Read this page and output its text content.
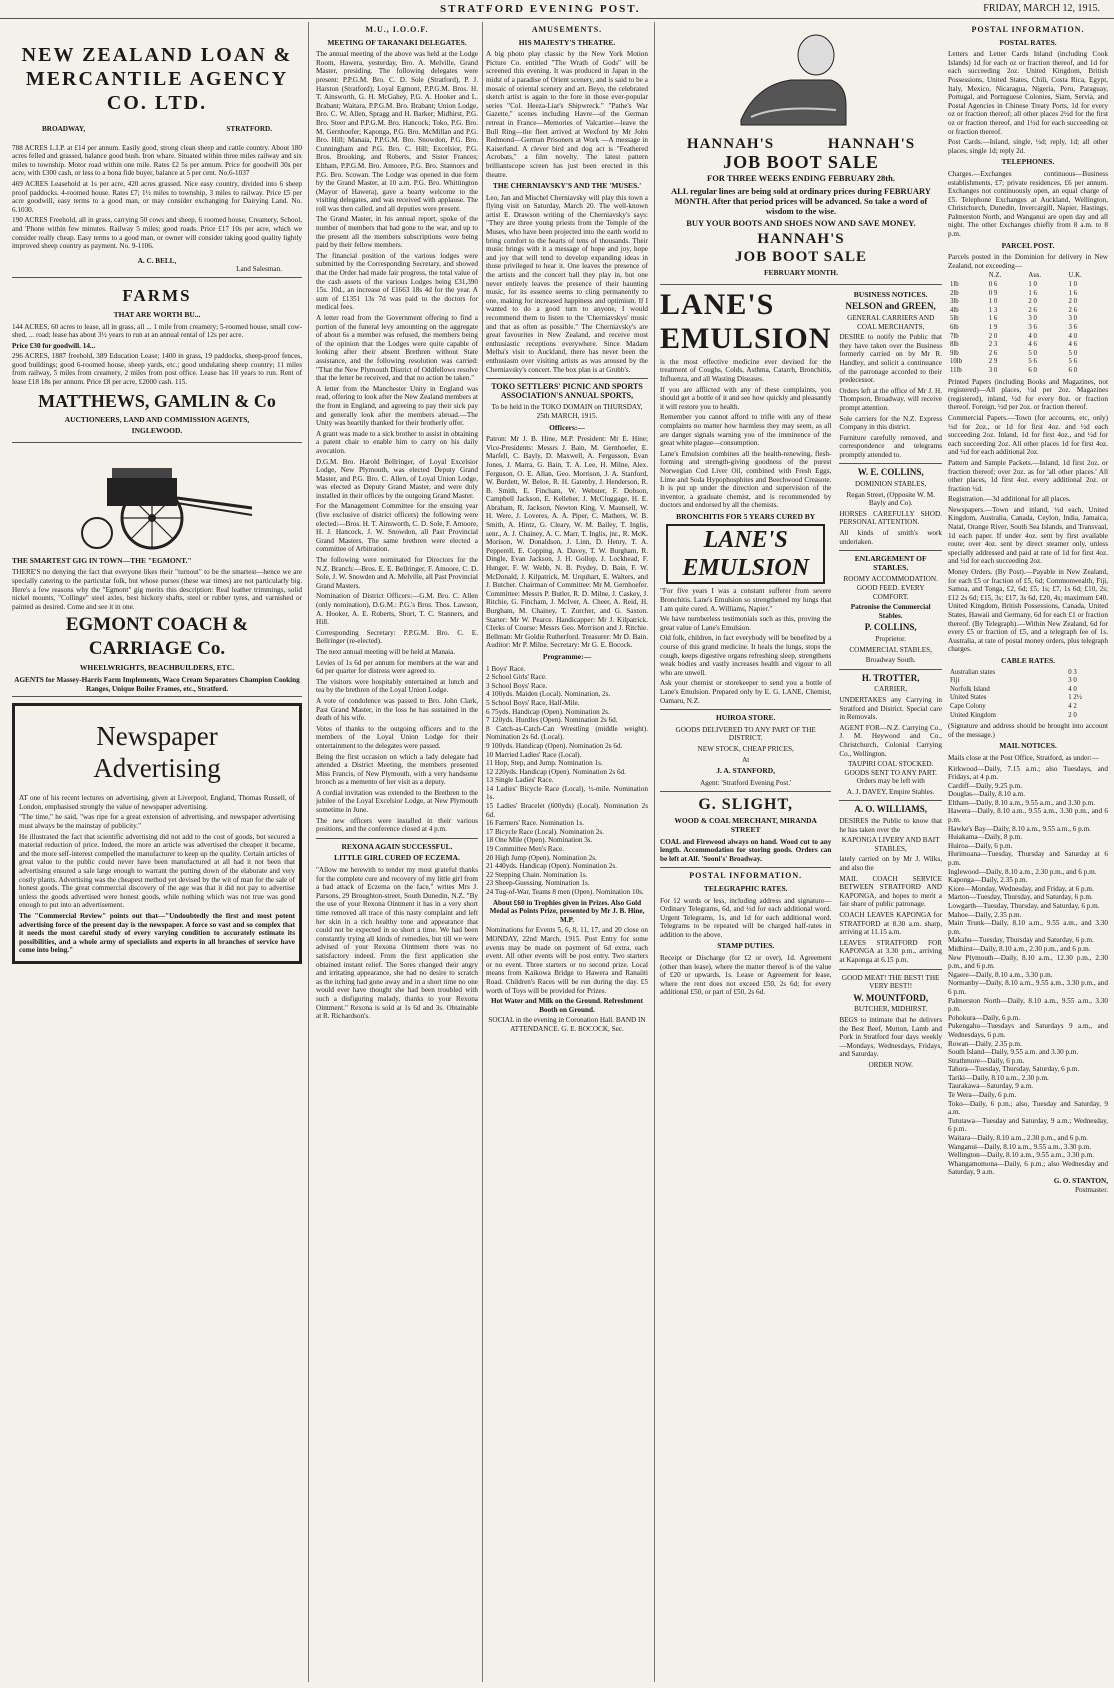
STRATFORD EVENING POST.	FRIDAY, MARCH 12, 1915.
NEW ZEALAND LOAN & MERCANTILE AGENCY CO. LTD.
BROADWAY,	STRATFORD.

788 ACRES L.I.P. at £14 per annum. Easily good, strong clean sheep and cattle country. About 180 acres felled and grassed, balance good bush. Iron whare. Situated within three miles railway and six miles to township. Motor road within one mile. Rates £2 5s per annum. Price for goodwill 30s per acre, with £300 cash, or less to a bona fide buyer, balance at 5 per cent. No.6-1037

469 ACRES Leasehold at 1s per acre, 420 acres grassed. Nice easy country, divided into 6 sheep proof paddocks. 4-roomed house. Rates £7; 1½ miles to township, 3 miles to railway. Price £5 per acre goodwill, easy terms to a good man, or may consider exchanging for Dairying Land. No. 6.1030.

190 ACRES Freehold, all in grass, carrying 50 cows and sheep, 6 roomed house, Creamery, School, and 'Phone within few minutes. Railway 5 miles; good roads. Price £17 10s per acre, which we consider really cheap. Easy terms to a good man, or owner will consider taking good quality lightly improved sheep country as payment. No. 9-1106.

A. C. BELL,
Land Salesman.
FARMS
THAT ARE WORTH BU...

144 ACRES, 60 acres to lease, all in grass, all ... 1 mile from creamery; 5-roomed house, small cow-shed, ... road; lease has about 3½ years to run at an annual rental of 12s per acre.

Price £30 for goodwill. 14...

296 ACRES, 1887 freehold, 389 Education Lease; 1400 in grass, 19 paddocks, sheep-proof fences, good buildings; good 6-roomed house, sheep yards, etc.; good undulating sheep country; 11 miles from railway, 5 miles from creamery, 2 miles from post office. Lease has 10 years to run. Rent of lease £18 18s per annum. Price £8 per acre, £2000 cash. 115.

MATTHEWS, GAMLIN & Co
AUCTIONEERS, LAND AND COMMISSION AGENTS,
INGLEWOOD.
THE SMARTEST GIG IN TOWN—THE "EGMONT."

THERE'S no denying the fact that everyone likes their "turnout" to be the smartest—hence we are specially catering to the particular folk, but whose purses (these war times) are not particularly big. Here's a few reasons why the "Egmont" gig merits this description: Real leather trimmings, solid nickel mounts, "Collinge" steel axles, best hickory shafts, steel or rubber tyres, and varnished or painted as desired. Come and see it in one.

EGMONT COACH & CARRIAGE Co.
WHEELWRIGHTS, BEACHBUILDERS, ETC.
AGENTS for Massey-Harris Farm Implements, Waco Cream Separators Champion Cooking Ranges, Unique Boiler Frames, etc., Stratford.
Newspaper
Advertising

AT one of his recent lectures on advertising, given at Liverpool, England, Thomas Russell, of London, emphasised strongly the value of newspaper advertising.

"The time," he said, "was ripe for a great extension of advertising, and newspaper advertising must always be the mainstay of publicity."

He illustrated the fact that scientific advertising did not add to the cost of goods, but secured a material reduction of price. Indeed, the more an article was advertised the cheaper it became, and the more self-interest compelled the manufacturer to keep up the quality. Certain articles of great value to the public could never have been manufactured at all had it not been that advertising ensured a sale large enough to warrant the putting down of the elaborate and very costly plants. Advertising was the cheapest method yet devised by the wit of man for the sale of honest goods. The great commercial discovery of the age was that it did not pay to advertise unless the goods advertised were honest goods, while nothing which was not true was good enough to put into an advertisement.

The "Commercial Review" points out that—"Undoubtedly the first and most potent advertising force of the present day is the newspaper. A force so vast and so complex that it needs the most careful study of every varying condition to accurately estimate its possibilities, and a whole army of specialists and experts in all branches of service have come into being."

M.U., I.O.O.F.
MEETING OF TARANAKI DELEGATES.

The annual meeting of the above was held at the Lodge Room, Hawera, yesterday, Bro. A. Melville, Grand Master, presiding. The following delegates were present: P.P.G.M. Bro. C. D. Sole (Stratford), P. J. Harston (Stratford); Loyal Egmont, P.P.G.M. Bros. H. T. Ainsworth, G. H. McGahey, P.G. A. Hooker and L. Brabant; Waitara, P.P.G.M. Bro. Brabant; Union Lodge, Bro. C. W. Allen, Spragg and H. Barker; Midhirst, P.G. Bro. Steer and P.P.G.M. Bro. Hancock; Toko, P.G. Bro. M. Gernhoefer; Kaponga, P.G. Bro. McMillan and P.G. Bro. Hill; Manaia, P.P.G.M. Bro. Snowdon, P.G. Bro. Cunningham and P.G. Bro. C. Hill; Excelsior, P.G. Bros. Brooking, and Roberts, and Sister Frances; Eltham, P.P.G.M. Bro. Amoore, P.G. Bro. Stannors and P.G. Bro. Scowan. The Lodge was opened in due form by the Grand Master, at 10 a.m. P.G. Bro. Whittington (Mayor of Hawera), gave a hearty welcome to the visiting delegates, and was received with applause. The roll was then called, and all deputies were present.

The Grand Master, in his annual report, spoke of the number of members that had gone to the war, and up to the present all the members subscriptions were being paid by their fellow members.

The financial position of the various lodges were submitted by the Corresponding Secretary, and showed that the Order had made fair progress, the total value of the cash assets of the various Lodges being £31,390 15s. 10d., an increase of £1663 18s 4d for the year. A sum of £1351 13s 7d was paid to the doctors for medical fees.

A letter read from the Government offering to find a portion of the funeral levy amounting on the aggregate of about 6s a member was refused, the members being of the opinion that the Lodges were quite capable of looking after their absent Brethren without State assistance, and the following resolution was carried: "That the New Plymouth District of Oddfellows resolve that the letter be received, and that no action be taken."

A letter from the Manchester Unity in England was read, offering to look after the New Zealand members at the front in England, and agreeing to pay their sick pay and generally look after the members abroad.—The Unity was heartily thanked for their brotherly offer.

A grant was made to a sick brother to assist in obtaining a patent chair to enable him to carry on his daily avocation.

D.G.M. Bro. Harold Bellringer, of Loyal Excelsior Lodge, New Plymouth, was elected Deputy Grand Master, and P.G. Bro. C. Allen, of Loyal Union Lodge, was elected as Deputy Grand Master, and were duly installed in their offices by the outgoing Grand Master.

For the Management Committee for the ensuing year (five exclusive of district officers) the following were elected:—Bros. H. T. Ainsworth, C. D. Sole, F. Amoore, H. J. Hancock, J. W. Snowdon, all Past Provincial Grand Masters. The same brethren were elected a committee of Arbitration.

The following were nominated for Directors for the N.Z. Branch:—Bros. E. E. Bellringer, F. Amoore, C. D. Sole, J. W. Snowden and A. Melville, all Past Provincial Grand Masters.

Nomination of District Officers:—G.M. Bro. C. Allen (only nomination), D.G.M.: P.G.'s Bros. Thos. Lawson, A. Hooker, A. E. Roberts, Short, T. C. Stanners, and Hill.

Corresponding Secretary: P.P.G.M. Bro. C. E. Bellringer (re-elected).

The next annual meeting will be held at Manaia.

Levies of 1s 6d per annum for members at the war and 6d per quarter for distress were agreed to.

The visitors were hospitably entertained at lunch and tea by the brethren of the Loyal Union Lodge.

A vote of condolence was passed to Bro. John Clark, Past Grand Master, in the loss he has sustained in the death of his wife.

Votes of thanks to the outgoing officers and to the members of the Loyal Union Lodge for their entertainment to the delegates were passed.

Being the first occasion on which a lady delegate had attended a District Meeting, the members presented Miss Francis, of New Plymouth, with a very handsome brooch as a memento of her visit as a deputy.

A cordial invitation was extended to the Brethren to the jubilee of the Loyal Excelsior Lodge, at New Plymouth sometime in June.

The new officers were installed in their various positions, and the conference closed at 4 p.m.

REXONA AGAIN SUCCESSFUL.
LITTLE GIRL CURED OF ECZEMA.

"Allow me herewith to tender my most grateful thanks for the complete cure and recovery of my little girl from a bad attack of Eczema on the face," writes Mrs J. Parsons, 29 Broughton-street, South Dunedin, N.Z. "By the use of your Rexona Ointment it has in a very short time removed all trace of this nasty complaint and left her skin in a rich healthy tone and appearance that could not be expected in so short a time. We had been constantly trying all kinds of remedies, but till we were advised of your Rexona Ointment there was no satisfactory indeed. From the first application she obtained instant relief. The Sores changed their angry and irritating appearance, she had no desire to scratch as the itching had gone away and in a short time no one would ever have thought she had been troubled with such a disfiguring malady, thanks to your Rexona Ointment." Rexona is sold at 1s 6d and 3s. Obtainable at R. Richardson's.

AMUSEMENTS.
HIS MAJESTY'S THEATRE.

A big photo play classic by the New York Motion Picture Co. entitled "The Wrath of Gods" will be screened this evening. It was produced in Japan in the midst of a paradise of Orient scenery, and is said to be a mosaic of oriental scenery and art. Beyo, the celebrated sketch artist is again to the fore in those ever-popular series "Col. Heeza-Liar's Shipwreck." "Pathe's War Gazette," scenes including Havre—of the German retreat in France—Memories of Valcartier—leave the Bull Ring—the fleet arrived at Wexford by Mr John Redmond—German Prisoners at Work —A message in Kaiserland. A clever bird and dog act is "Feathered Acrobats," a film novelty. The latest pattern brilliantscope screen has just been erected in this theatre.

THE CHERNIAVSKY'S AND THE 'MUSES.'

Leo, Jan and Mischel Cherniavsky will play this town a flying visit on Saturday, March 20. The well-known artist E. Drawson writing of the Cherniavsky's says: "They are three young priests from the Temple of the Muses, who have been projected into the earth world to bring comfort to the hearts of tens of thousands. Their music brings with it a message of hope and joy, hope and joy that will tend to develop expanding ideas in those privileged to hear it. One leaves the presence of the artists and the concert hall they play in, but one never entirely leaves the presence of their haunting music, for its essence seems to cling permanently to one, making for increased happiness and optimism. If I wanted to do a good turn to anyone, I would recommend them to listen to the 'Cherniavskys' music and that as often as possible." The Cherniavsky's are great favourites in New Zealand, and receive most enthusiastic receptions everywhere. Since Madam Melba's visit to Auckland, there has never been the enthusiasm over visiting artists as was aroused by the Cherniavsky's concert. The box plan is at Grubb's.

TOKO SETTLERS' PICNIC AND SPORTS ASSOCIATION'S ANNUAL SPORTS,

To be held in the TOKO DOMAIN on THURSDAY, 25th MARCH, 1915.

Officers:—

Patron: Mr J. B. Hine, M.P. President: Mr E. Hine; Vice-Presidents: Messrs J. Bain, M. Gernhoefer, E. Marfell, C. Bayly, D. Maxwell, A. Fergusson, Evan Jones, J. Marra, G. Bain, T. A. Lee, H. Milne, Alex. Ferguson, O. E. Allan, Geo. Morrison, J. A. Stanford, W. Burdett, W. Beloe, R. H. Gatenby, J. Henderson, R. B. Smith, E. Fincham, W. Webster, F. Dobson, Campbell Jackson, E. Kelleher, J. McCluggage, H. E. Abraham, R. Jackson, Newton King, V. Maunsell, W. H. Were, J. Loveres, A. A. Piper, C. Mathers, W. B. Smith, A. Hintz, G. Cleary, W. M. Bailey, T. Inglis, senr., A. J. Chainey, A. C. Marr, T. Inglis, jnr., R. McK. Morison, W. Donaldson, J. Linn, D. Henry, T. A. Pepperell, E. Copping, A. Davey, T. W. Burgham, R. Dingle, Evan Jackson, J. H. Gollop, J. Lockhead, F. Hunger, F. W. Webb, N. B. Prydey, D. Bain, F. W. McDonald, J. Kilpatrick, M. Urquhart, E. Walters, and J. Butcher. Chairman of Committee: Mr M. Gernhoefer. Committee: Messrs P. Butler, R. D. Milne, J. Caskey, J. Ritchie, G. Fincham, J. McIver, A. Cheer, A. Reid, H. Burgham, M. Chainey, T. Zurcher, and G. Saxton. Starter: Mr W. Pearce. Handicapper: Mr J. Kilpatrick. Clerks of Course: Messrs Geo. Morrison and J. Ritchie. Bellman: Mr Goldie Rutherford. Treasurer: Mr D. Bain. Auditor: Mr P. Milne. Secretary: Mr G. E. Bocock.

Programme:—
1 Boys' Race.
2 School Girls' Race.
3 School Boys' Race.
4 100yds. Maiden (Local). Nomination, 2s.
5 School Boys' Race, Half-Mile.
6 75yds. Handicap (Open). Nomination 2s.
7 120yds. Hurdles (Open). Nomination 2s 6d.
8 Catch-as-Catch-Can Wrestling (middle weight). Nomination 2s 6d. (Local).
9 100yds. Handicap (Open). Nomination 2s 6d.
10 Married Ladies' Race (Local).
11 Hop, Step, and Jump. Nomination 1s.
12 220yds. Handicap (Open). Nomination 2s 6d.
13 Single Ladies' Race.
14 Ladies' Bicycle Race (Local), ½-mile. Nomination 1s.
15 Ladies' Bracelet (600yds) (Local). Nomination 2s 6d.
16 Farmers' Race. Nomination 1s.
17 Bicycle Race (Local). Nomination 2s.
18 One Mile (Open). Nomination 3s.
19 Committee Men's Race.
20 High Jump (Open). Nomination 2s.
21 440yds. Handicap (Open). Nomination 2s.
22 Stepping Chain. Nomination 1s.
23 Sheep-Guessing. Nomination 1s.
24 Tug-of-War, Teams 8 men (Open). Nomination 10s.

About £60 in Trophies given in Prizes. Also Gold Medal as Points Prize, presented by Mr J. B. Hine, M.P.

Nominations for Events 5, 6, 8, 11, 17, and 20 close on MONDAY, 22nd March, 1915. Post Entry for some events may be made on payment of 6d extra, each event. All other events will be post entry. Two starters or no event. Three starters or no second prize. Local means from Kaikowa Bridge to Hawera and Ranaiiti Road. Children's Races will be run during the day. £5 worth of Toys will be provided for Prizes.

Hot Water and Milk on the Ground. Refreshment Booth on Ground.

SOCIAL in the evening in Coronation Hall. BAND IN ATTENDANCE. G. E. BOCOCK, Sec.

HANNAH'S	HANNAH'S
JOB BOOT SALE
FOR THREE WEEKS ENDING FEBRUARY 28th.

ALL regular lines are being sold at ordinary prices during FEBRUARY MONTH. After that period prices will be advanced. So take a word of wisdom to the wise.

BUY YOUR BOOTS AND SHOES NOW AND SAVE MONEY.
HANNAH'S
JOB BOOT SALE
FEBRUARY MONTH.
LANE'S EMULSION

is the most effective medicine ever devised for the treatment of Coughs, Colds, Asthma, Catarrh, Bronchitis, Influenza, and all Wasting Diseases.

If you are afflicted with any of these complaints, you should get a bottle of it and see how quickly and pleasantly it will restore you to health.

Remember you cannot afford to trifle with any of these complaints no matter how harmless they may seem, as all are danger signals warning you of the imminence of the great white plague—consumption.

Lane's Emulsion combines all the health-renewing, flesh-forming and strength-giving goodness of the purest Norwegian Cod Liver Oil, combined with Fresh Eggs, Lime and Soda Hypophosphites and Beechwood Creasote. It is put up under the direction and supervision of the inventor, a graduate chemist, and is recommended by doctors and endorsed by all the chemists.

BRONCHITIS FOR 5 YEARS CURED BY
LANE'S EMULSION

"For five years I was a constant sufferer from severe Bronchitis. Lane's Emulsion so strengthened my lungs that I am quite cured. A. Williams, Napier."

We have numberless testimonials such as this, proving the great value of Lane's Emulsion.

Old folk, children, in fact everybody will be benefited by a course of this grand medicine. It heals the lungs, stops the cough, keeps digestive organs refreshing sleep, strengthens weak bodies and vastly increases health and vigour to all who are unwell.

Ask your chemist or storekeeper to send you a bottle of Lane's Emulsion. Prepared only by E. G. LANE, Chemist, Oamaru, N.Z.

HUIROA STORE.

GOODS DELIVERED TO ANY PART OF THE DISTRICT.

NEW STOCK, CHEAP PRICES,

At

J. A. STANFORD,

Agent: 'Stratford Evening Post.'

G. SLIGHT,
WOOD & COAL MERCHANT, MIRANDA STREET

COAL and Firewood always on hand. Wood cut to any length. Accommodation for storing goods. Orders can be left at Alf. 'Sooni's' Broadway.

POSTAL INFORMATION.
TELEGRAPHIC RATES.

For 12 words or less, including address and signature—Ordinary Telegrams, 6d, and ½d for each additional word. Urgent Telegrams, 1s, and 1d for each additional word. Telegrams to be repeated will be charged half-rates in addition to the above.

STAMP DUTIES.

Receipt or Discharge (for £2 or over), 1d. Agreement (other than lease), where the matter thereof is of the value of £20 or upwards, 1s. Lease or Agreement for lease, where the rent does not exceed £50, 2s 6d; for every additional £50, or part of £50, 2s 6d.

BUSINESS NOTICES.
NELSON and GREEN,

GENERAL CARRIERS AND COAL MERCHANTS,

DESIRE to notify the Public that they have taken over the Business formerly carried on by Mr R. Handley, and solicit a continuance of the patronage accorded to their predecessor.

Orders left at the office of Mr J. H. Thompson, Broadway, will receive prompt attention.

Sole carriers for the N.Z. Express Company in this district.

Furniture carefully removed, and correspondence and telegrams promptly attended to.

W. E. COLLINS,

DOMINION STABLES,

Regan Street, (Opposite W. M. Bayly and Co).

HORSES CAREFULLY SHOD. PERSONAL ATTENTION.

All kinds of smith's work undertaken.

ENLARGEMENT OF STABLES.

ROOMY ACCOMMODATION. GOOD FEED. EVERY COMFORT.

Patronise the Commercial Stables.

P. COLLINS,

Proprietor.

COMMERCIAL STABLES,

Broadway South.

H. TROTTER,

CARRIER,

UNDERTAKES any Carrying in Stratford and District. Special care in Removals.

AGENT FOR—N.Z. Carrying Co., J. M. Heywood and Co., Christchurch, Colonial Carrying Co., Wellington.

TAUPIRI COAL STOCKED. GOODS SENT TO ANY PART. Orders may be left with

A. J. DAVEY, Empire Stables.

A. O. WILLIAMS,

DESIRES the Public to know that he has taken over the

KAPONGA LIVERY AND BAIT STABLES,

lately carried on by Mr J. Wilks, and also the

MAIL COACH SERVICE BETWEEN STRATFORD AND KAPONGA, and hopes to merit a fair share of public patronage.

COACH LEAVES KAPONGA for STRATFORD at 8.30 a.m. sharp, arriving at 11.15 a.m.

LEAVES STRATFORD FOR KAPONGA at 3.30 p.m., arriving at Kaponga at 6.15 p.m.

GOOD MEAT! THE BEST! THE VERY BEST!!

W. MOUNTFORD,

BUTCHER, MIDHIRST.

BEGS to intimate that he delivers the Best Beef, Mutton, Lamb and Pork in Stratford four days weekly—Mondays, Wednesdays, Fridays, and Saturday.

ORDER NOW.

POSTAL INFORMATION.
POSTAL RATES.

Letters and Letter Cards Inland (including Cook Islands) 1d for each oz or fraction thereof, and 1d for each succeeding 2oz. United Kingdom, British Possessions, United States, Chili, Costa Rica, Egypt, Italy, Mexico, Nicaragua, Nigeria, Peru, Paraguay, Portugal, and Portuguese Colonies, Siam, Servia, and Postal Agencies in Chinese Treaty Ports, 1d for every oz or fraction thereof; all other places 2½d for the first oz or fraction thereof, and 1½d for each succeeding oz or fraction thereof.

Post Cards.—Inland, single, ½d; reply, 1d; all other places, single 1d; reply 2d.

TELEPHONES.

Charges.—Exchanges continuous—Business establishments, £7; private residences, £6 per annum. Exchanges not continuously open, an equal charge of £5. Telephone Exchanges at Auckland, Wellington, Christchurch, Dunedin, Invercargill, Napier, Hastings, Palmerston North, and Wanganui are open day and all night. The other Exchanges chiefly from 8 a.m. to 8 p.m.

PARCEL POST.

Parcels posted in the Dominion for delivery in New Zealand, not exceeding—

	N.Z.	Aus.	U.K.
1lb	0 6	1 0	1 0
2lb	0 9	1 6	1 6
3lb	1 0	2 0	2 0
4lb	1 3	2 6	2 6
5lb	1 6	3 0	3 0
6lb	1 9	3 6	3 6
7lb	2 0	4 0	4 0
8lb	2 3	4 6	4 6
9lb	2 6	5 0	5 0
10lb	2 9	5 6	5 6
11lb	3 0	6 0	6 0

Printed Papers (including Books and Magazines, not registered)—All places, ½d per 2oz. Magazines (registered), inland, ½d for every 8oz. or fraction thereof. Foreign, ½d per 2oz. or fraction thereof.

Commercial Papers.—Town (for accounts, etc, only) ½d for 2oz., or 1d for first 4oz. and ½d each succeeding 2oz. Inland, 1d for first 4oz., and ½d for each succeeding 2oz. All other places 1d for first 4oz. and ½d for each additional 2oz.

Pattern and Sample Packets.—Inland, 1d first 2oz. or fraction thereof; over 2oz. as for 'all other places.' All other places, 1d first 4oz. every additional 2oz. or fraction ½d.

Registration.—3d additional for all places.

Newspapers.—Town and inland, ½d each. United Kingdom, Australia, Canada, Ceylon, India, Jamaica, Natal, Orange River, South Sea Islands, and Transvaal, 1d each paper. If under 4oz. sent by first available route; over 4oz. sent by direct steamer only, unless specially addressed and paid at rate of 1d for first 4oz. and ½d for each succeeding 2oz.

Money Orders. (By Post).—Payable in New Zealand, for each £5 or fraction of £5, 6d; Commonwealth, Fiji, Samoa, and Tonga, £2, 6d; £5, 1s; £7, 1s 6d; £10, 2s; £12 2s 6d; £15, 3s; £17, 3s 6d, £20, 4s; maximum £40. United Kingdom, British Possessions, Canada, United States, Hawaii and Germany, 6d for each £1 or fraction thereof. (By Telegraph).—Within New Zealand, 6d for every £5 or fraction of £5, and a telegraph fee of 1s. Australia, at rate of postal money orders, plus telegraph charges.

CABLE RATES.
Australian states	0 3
Fiji	3 0
Norfolk Island	4 0
United States	1 2½
Cape Colony	4 2
United Kingdom	2 0

(Signature and address should be brought into account of the message.)

MAIL NOTICES.

Mails close at the Post Office, Stratford, as under:—

Kirkwood—Daily, 7.15 a.m.; also Tuesdays, and Fridays, at 4 p.m.
Cardiff—Daily, 9.25 p.m.
Douglas—Daily, 8.10 a.m.
Eltham—Daily, 8.10 a.m., 9.55 a.m., and 3.30 p.m.
Hawera—Daily, 8.10 a.m., 9.55 a.m., 3.30 p.m., and 6 p.m.
Hawke's Bay—Daily, 8.10 a.m., 9.55 a.m., 6 p.m.
Huiakama—Daily, 8 p.m.
Huiroa—Daily, 6 p.m.
Hurimoana—Tuesday, Thursday and Saturday at 6 p.m.
Inglewood—Daily, 8.10 a.m., 2.30 p.m., and 6 p.m.
Kaponga—Daily, 2.35 p.m.
Kiore—Monday, Wednesday, and Friday, at 6 p.m.
Marton—Tuesday, Thursday, and Saturday, 6 p.m.
Lowgarth—Tuesday, Thursday, and Saturday, 6 p.m.
Mahoe—Daily, 2.35 p.m.
Main Trunk—Daily, 8.10 a.m., 9.55 a.m., and 3.30 p.m.
Makahu—Tuesday, Thursday and Saturday, 6 p.m.
Midhirst—Daily, 8.10 a.m., 2.30 p.m., and 6 p.m.
New Plymouth—Daily, 8.10 a.m., 12.30 p.m., 2.30 p.m., and 6 p.m.
Ngaere—Daily, 8.10 a.m., 3.30 p.m.
Normanby—Daily, 8.10 a.m., 9.55 a.m., 3.30 p.m., and 6 p.m.
Palmerston North—Daily, 8.10 a.m., 9.55 a.m., 3.30 p.m.
Pohokura—Daily, 6 p.m.
Pukengahu—Tuesdays and Saturdays 9 a.m., and Wednesdays, 6 p.m.
Rowan—Daily, 2.35 p.m.
South Island—Daily, 9.55 a.m. and 3.30 p.m.
Strathmore—Daily, 6 p.m.
Tahora—Tuesday, Thursday, Saturday, 6 p.m.
Tariki—Daily, 8.10 a.m., 2.30 p.m.
Taurakawa—Saturday, 9 a.m.
Te Wera—Daily, 6 p.m.
Toko—Daily, 6 p.m.; also, Tuesday and Saturday, 9 a.m.
Tututawa—Tuesday and Saturday, 9 a.m.; Wednesday, 6 p.m.
Waitara—Daily, 8.10 a.m., 2.30 p.m., and 6 p.m.
Wanganui—Daily, 8.10 a.m., 9.55 a.m., 3.30 p.m.
Wellington—Daily, 8.10 a.m., 9.55 a.m., 3.30 p.m.
Whangamomona—Daily, 6 p.m.; also Wednesday and Saturday, 9 a.m.
G. O. STANTON,
Postmaster.
